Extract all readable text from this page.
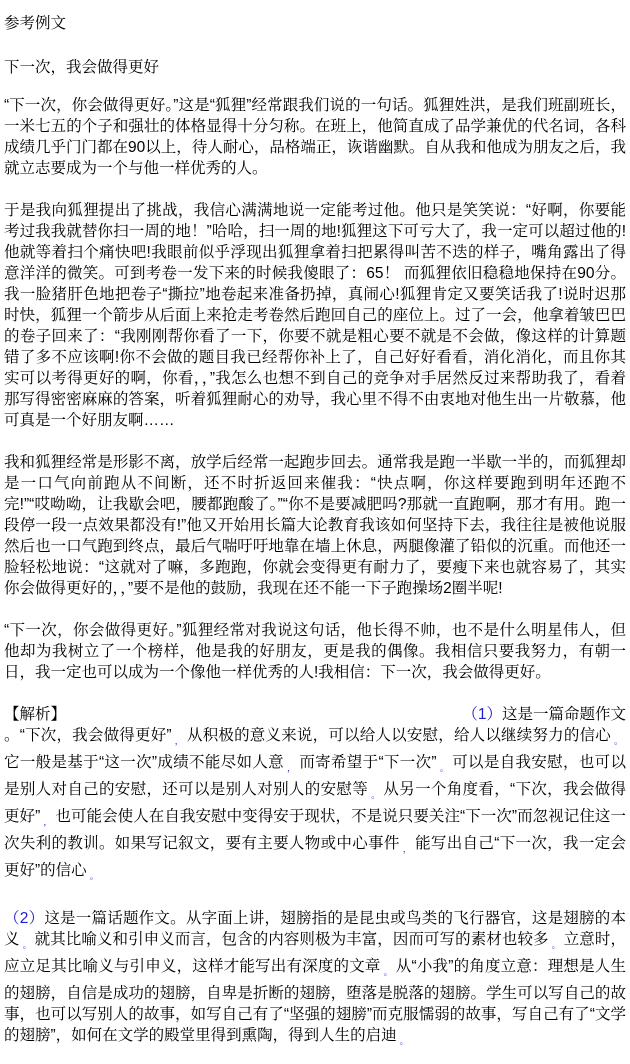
参考例文
下一次，我会做得更好
“下一次，你会做得更好。”这是“狐狸”经常跟我们说的一句话。狐狸姓洪，是我们班副班长，一米七五的个子和强壮的体格显得十分匀称。在班上，他简直成了品学兼优的代名词，各科成绩几乎门门都在90以上，待人耐心，品格端正，诙谐幽默。自从我和他成为朋友之后，我就立志要成为一个与他一样优秀的人。
于是我向狐狸提出了挑战，我信心满满地说一定能考过他。他只是笑笑说：“好啊，你要能考过我我就替你扫一周的地！”哈哈，扫一周的地!狐狸这下可亏大了，我一定可以超过他的!他就等着扫个痛快吧!我眼前似乎浮现出狐狸拿着扫把累得叫苦不迭的样子，嘴角露出了得意洋洋的微笑。可到考卷一发下来的时候我傻眼了：65！ 而狐狸依旧稳稳地保持在90分。我一脸猪肝色地把卷子“撕拉”地卷起来准备扔掉，真闹心!狐狸肯定又要笑话我了!说时迟那时快，狐狸一个箭步从后面上来抢走考卷然后跑回自己的座位上。过了一会，他拿着皱巴巴的卷子回来了：“我刚刚帮你看了一下，你要不就是粗心要不就是不会做，像这样的计算题错了多不应该啊!你不会做的题目我已经帮你补上了，自己好好看看，消化消化，而且你其实可以考得更好的啊，你看，，”我怎么也想不到自己的竞争对手居然反过来帮助我了，看着那写得密密麻麻的答案，听着狐狸耐心的劝导，我心里不得不由衷地对他生出一片敬慕，他可真是一个好朋友啊……
我和狐狸经常是形影不离，放学后经常一起跑步回去。通常我是跑一半歇一半的，而狐狸却是一口气向前跑从不间断，还不时折返回来催我：“快点啊，你这样要跑到明年还跑不完!”“哎呦呦，让我歇会吧，腰都跑酸了。”“你不是要减肥吗?那就一直跑啊，那才有用。跑一段停一段一点效果都没有!”他又开始用长篇大论教育我该如何坚持下去，我往往是被他说服然后也一口气跑到终点，最后气喘吁吁地靠在墙上休息，两腿像灌了铅似的沉重。而他还一脸轻松地说：“这就对了嘛，多跑跑，你就会变得更有耐力了，要瘦下来也就容易了，其实你会做得更好的，，”要不是他的鼓励，我现在还不能一下子跑操场2圈半呢!
“下一次，你会做得更好。”狐狸经常对我说这句话，他长得不帅，也不是什么明星伟人，但他却为我树立了一个榜样，他是我的好朋友，更是我的偶像。我相信只要我努力，有朝一日，我一定也可以成为一个像他一样优秀的人!我相信：下一次，我会做得更好。
【解析】	（1）这是一篇命题作文
。“下次，我会做得更好” $_,$ 从积极的意义来说，可以给人以安慰，给人以继续努力的信心 $_。$它一般是基于“这一次”成绩不能尽如人意 $_,$ 而寄希望于“下一次” $_。$ 可以是自我安慰，也可以是别人对自己的安慰，还可以是别人对别人的安慰等 $_。$ 从另一个角度看，“下次，我会做得更好” $_,$ 也可能会使人在自我安慰中变得安于现状，不是说只要关注“下一次”而忽视记住这一次失利的教训。如果写记叙文，要有主要人物或中心事件 $_,$ 能写出自己“下一次，我一定会更好”的信心 $_。$
（2）这是一篇话题作文。从字面上讲，翅膀指的是昆虫或鸟类的飞行器官，这是翅膀的本义 $_。$ 就其比喻义和引申义而言，包含的内容则极为丰富，因而可写的素材也较多 $_。$ 立意时，应立足其比喻义与引申义，这样才能写出有深度的文章 $_。$ 从“小我”的角度立意：理想是人生的翅膀，自信是成功的翅膀，自卑是折断的翅膀，堕落是脱落的翅膀。学生可以写自己的故事，也可以写别人的故事，如写自己有了“坚强的翅膀”而克服懦弱的故事，写自己有了“文学的翅膀”，如何在文学的殿堂里得到熏陶，得到人生的启迪 $_。$
